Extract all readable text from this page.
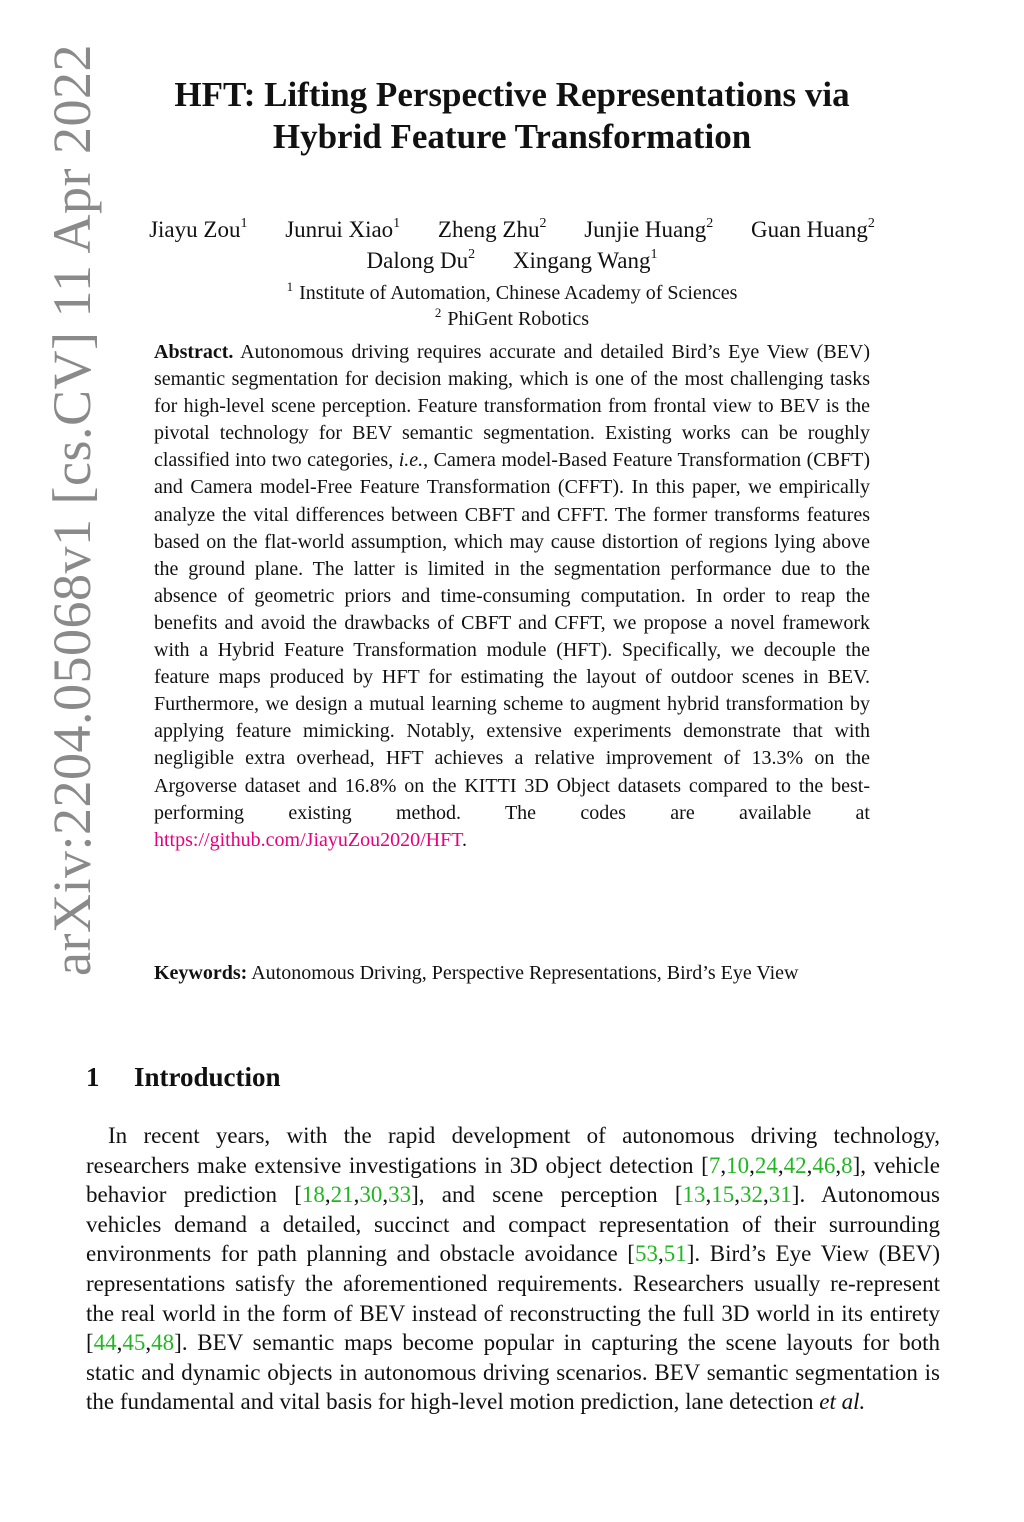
arXiv:2204.05068v1 [cs.CV] 11 Apr 2022	HFT: Lifting Perspective Representations via
Hybrid Feature Transformation
Jiayu Zou$^1$ Junrui Xiao$^1$ Zheng Zhu$^2$ Junjie Huang$^2$ Guan Huang$^2$
Dalong Du$^2$ Xingang Wang$^1$
$^1$ Institute of Automation, Chinese Academy of Sciences
$^2$ PhiGent Robotics
Abstract. Autonomous driving requires accurate and detailed Bird’s Eye View (BEV) semantic segmentation for decision making, which is one of the most challenging tasks for high-level scene perception. Feature transformation from frontal view to BEV is the pivotal technology for BEV semantic segmentation. Existing works can be roughly classified into two categories, i.e., Camera model-Based Feature Transformation (CBFT) and Camera model-Free Feature Transformation (CFFT). In this paper, we empirically analyze the vital differences between CBFT and CFFT. The former transforms features based on the flat-world assumption, which may cause distortion of regions lying above the ground plane. The latter is limited in the segmentation performance due to the absence of geometric priors and time-consuming computation. In order to reap the benefits and avoid the drawbacks of CBFT and CFFT, we propose a novel framework with a Hybrid Feature Transformation module (HFT). Specifically, we decouple the feature maps produced by HFT for estimating the layout of outdoor scenes in BEV. Furthermore, we design a mutual learning scheme to augment hybrid transformation by applying feature mimicking. Notably, extensive experiments demonstrate that with negligible extra overhead, HFT achieves a relative improvement of 13.3% on the Argoverse dataset and 16.8% on the KITTI 3D Object datasets compared to the best-performing existing method. The codes are available at https://github.com/JiayuZou2020/HFT.
Keywords: Autonomous Driving, Perspective Representations, Bird’s Eye View
1 Introduction
In recent years, with the rapid development of autonomous driving technology, researchers make extensive investigations in 3D object detection [7,10,24,42,46,8], vehicle behavior prediction [18,21,30,33], and scene perception [13,15,32,31]. Autonomous vehicles demand a detailed, succinct and compact representation of their surrounding environments for path planning and obstacle avoidance [53,51]. Bird’s Eye View (BEV) representations satisfy the aforementioned requirements. Researchers usually re-represent the real world in the form of BEV instead of reconstructing the full 3D world in its entirety [44,45,48]. BEV semantic maps become popular in capturing the scene layouts for both static and dynamic objects in autonomous driving scenarios. BEV semantic segmentation is the fundamental and vital basis for high-level motion prediction, lane detection et al.
